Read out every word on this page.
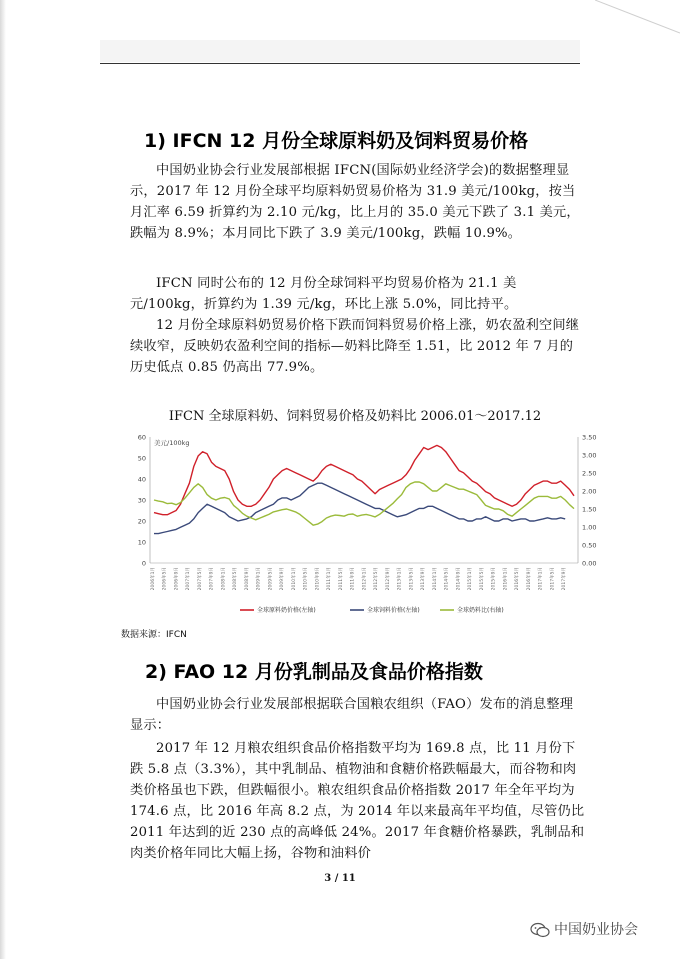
1) IFCN 12 月份全球原料奶及饲料贸易价格

中国奶业协会行业发展部根据 IFCN(国际奶业经济学会)的数据整理显示，2017 年 12 月份全球平均原料奶贸易价格为 31.9 美元/100kg，按当月汇率 6.59 折算约为 2.10 元/kg，比上月的 35.0 美元下跌了 3.1 美元，跌幅为 8.9%；本月同比下跌了 3.9 美元/100kg，跌幅 10.9%。

IFCN 同时公布的 12 月份全球饲料平均贸易价格为 21.1 美元/100kg，折算约为 1.39 元/kg，环比上涨 5.0%，同比持平。

12 月份全球原料奶贸易价格下跌而饲料贸易价格上涨，奶农盈利空间继续收窄，反映奶农盈利空间的指标—奶料比降至 1.51，比 2012 年 7 月的历史低点 0.85 仍高出 77.9%。

IFCN 全球原料奶、饲料贸易价格及奶料比 2006.01～2017.12
0
10
20
30
40
50
60
0.00
0.50
1.00
1.50
2.00
2.50
3.00
3.50
美元/100kg
2006年1月	2006年5月	2006年9月	2007年1月	2007年5月	2007年9月	2008年1月	2008年5月	2008年9月	2009年1月	2009年5月	2009年9月	2010年1月	2010年5月	2010年9月	2011年1月	2011年5月	2011年9月	2012年1月	2012年5月	2012年9月	2013年1月	2013年5月	2013年9月	2014年1月	2014年5月	2014年9月	2015年1月	2015年5月	2015年9月	2016年1月	2016年5月	2016年9月	2017年1月	2017年5月	2017年9月
全球原料奶价格(左轴)	全球饲料价格(左轴)	全球奶料比(右轴)
数据来源：IFCN
2) FAO 12 月份乳制品及食品价格指数

中国奶业协会行业发展部根据联合国粮农组织（FAO）发布的消息整理显示：

2017 年 12 月粮农组织食品价格指数平均为 169.8 点，比 11 月份下跌 5.8 点（3.3%），其中乳制品、植物油和食糖价格跌幅最大，而谷物和肉类价格虽也下跌，但跌幅很小。粮农组织食品价格指数 2017 年全年平均为 174.6 点，比 2016 年高 8.2 点，为 2014 年以来最高年平均值，尽管仍比 2011 年达到的近 230 点的高峰低 24%。2017 年食糖价格暴跌，乳制品和肉类价格年同比大幅上扬，谷物和油料价

3 / 11
中国奶业协会
